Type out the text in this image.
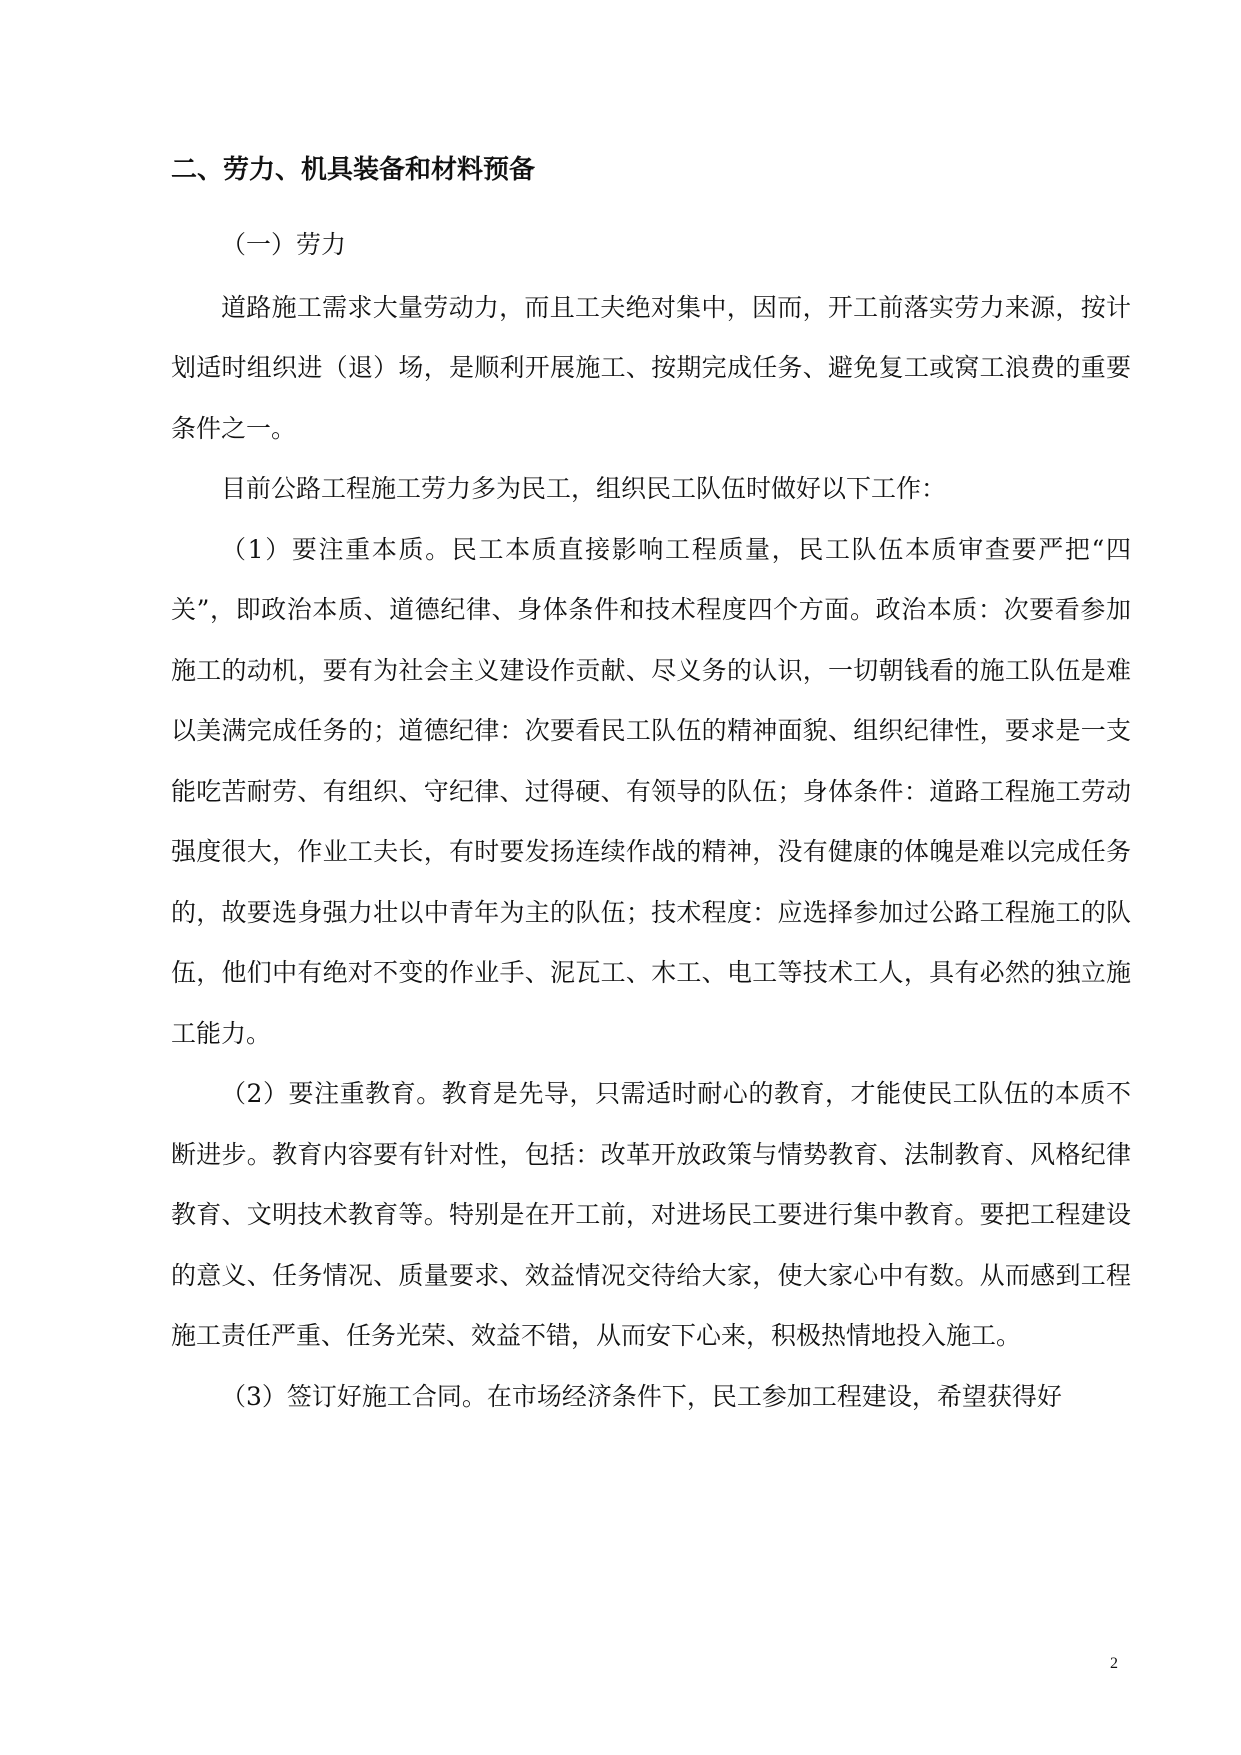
二、劳力、机具装备和材料预备

（一）劳力

道路施工需求大量劳动力，而且工夫绝对集中，因而，开工前落实劳力来源，按计划适时组织进（退）场，是顺利开展施工、按期完成任务、避免复工或窝工浪费的重要条件之一。

目前公路工程施工劳力多为民工，组织民工队伍时做好以下工作：

（1）要注重本质。民工本质直接影响工程质量，民工队伍本质审查要严把“四关”，即政治本质、道德纪律、身体条件和技术程度四个方面。政治本质：次要看参加施工的动机，要有为社会主义建设作贡献、尽义务的认识，一切朝钱看的施工队伍是难以美满完成任务的；道德纪律：次要看民工队伍的精神面貌、组织纪律性，要求是一支能吃苦耐劳、有组织、守纪律、过得硬、有领导的队伍；身体条件：道路工程施工劳动强度很大，作业工夫长，有时要发扬连续作战的精神，没有健康的体魄是难以完成任务的，故要选身强力壮以中青年为主的队伍；技术程度：应选择参加过公路工程施工的队伍，他们中有绝对不变的作业手、泥瓦工、木工、电工等技术工人，具有必然的独立施工能力。

（2）要注重教育。教育是先导，只需适时耐心的教育，才能使民工队伍的本质不断进步。教育内容要有针对性，包括：改革开放政策与情势教育、法制教育、风格纪律教育、文明技术教育等。特别是在开工前，对进场民工要进行集中教育。要把工程建设的意义、任务情况、质量要求、效益情况交待给大家，使大家心中有数。从而感到工程施工责任严重、任务光荣、效益不错，从而安下心来，积极热情地投入施工。

（3）签订好施工合同。在市场经济条件下，民工参加工程建设，希望获得好

2
